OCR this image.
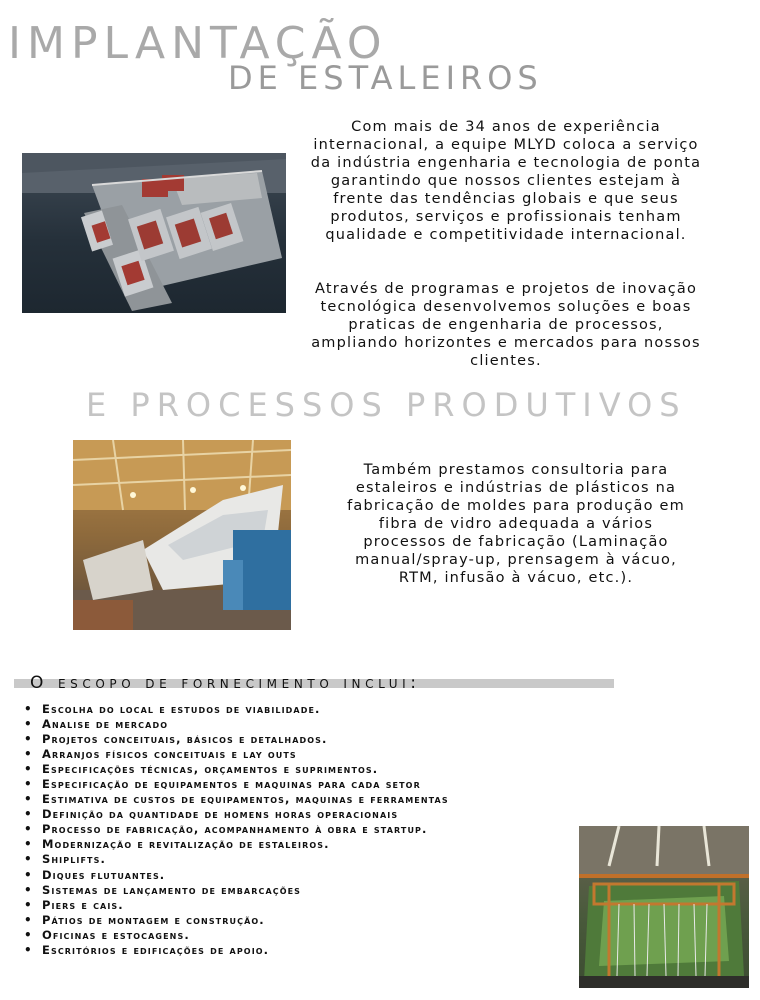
IMPLANTAÇÃO
DE ESTALEIROS
Com mais de 34 anos de experiência internacional, a equipe MLYD coloca a serviço da indústria engenharia e tecnologia de ponta garantindo que nossos clientes estejam à frente das tendências globais e que seus produtos, serviços e profissionais tenham qualidade e competitividade internacional.
Através de programas e projetos de inovação tecnológica desenvolvemos soluções e boas praticas de engenharia de processos, ampliando horizontes e mercados para nossos clientes.
E PROCESSOS PRODUTIVOS
Também prestamos consultoria para estaleiros e indústrias de plásticos na fabricação de moldes para produção em fibra de vidro adequada a vários processos de fabricação (Laminação manual/spray-up, prensagem à vácuo, RTM, infusão à vácuo, etc.).
O escopo de fornecimento inclui:
• Escolha do local e estudos de viabilidade.
• Analise de mercado
• Projetos conceituais, básicos e detalhados.
• Arranjos físicos conceituais e lay outs
• Especificações técnicas, orçamentos e suprimentos.
• Especificação de equipamentos e maquinas para cada setor
• Estimativa de custos de equipamentos, maquinas e ferramentas
• Definição da quantidade de homens horas operacionais
• Processo de fabricação, acompanhamento à obra e startup.
• Modernização e revitalização de estaleiros.
• Shiplifts.
• Diques flutuantes.
• Sistemas de lançamento de embarcações
• Piers e cais.
• Pátios de montagem e construção.
• Oficinas e estocagens.
• Escritórios e edificações de apoio.
